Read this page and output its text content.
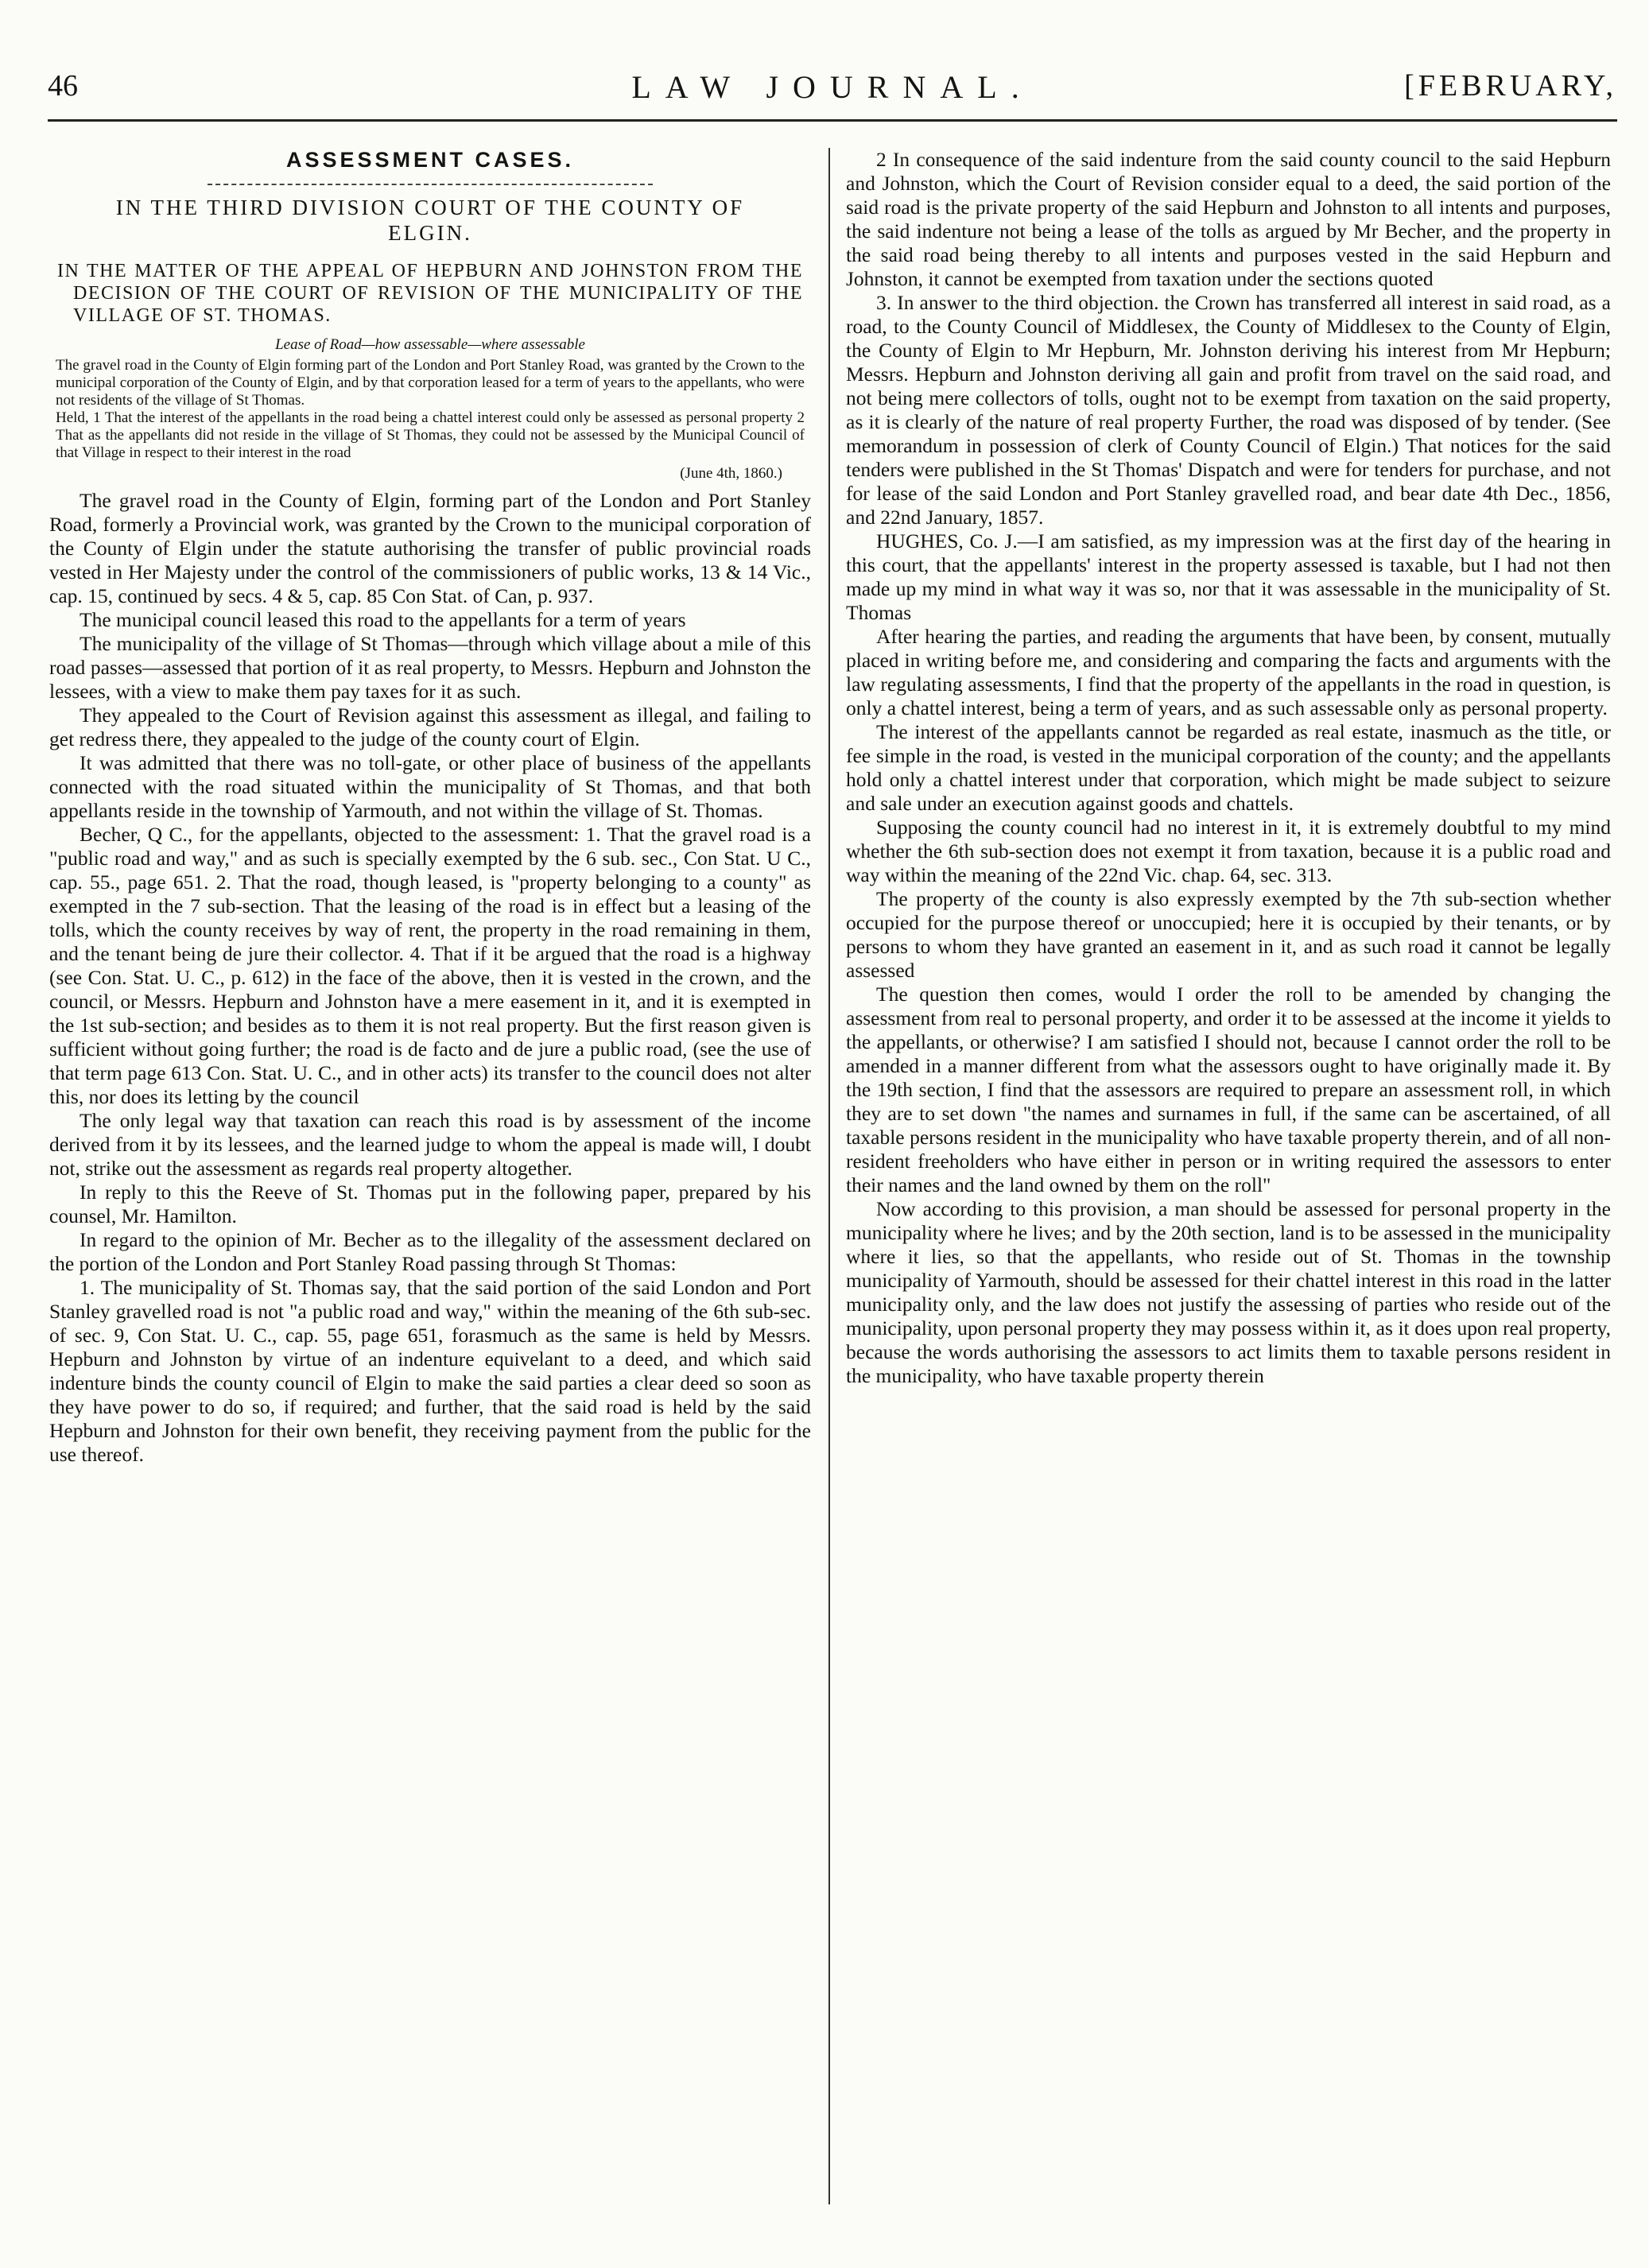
46	LAW JOURNAL.	[FEBRUARY,
ASSESSMENT CASES.
IN THE THIRD DIVISION COURT OF THE COUNTY OF ELGIN.
IN THE MATTER OF THE APPEAL OF HEPBURN AND JOHNSTON FROM THE DECISION OF THE COURT OF REVISION OF THE MUNICIPALITY OF THE VILLAGE OF ST. THOMAS.
Lease of Road—how assessable—where assessable
The gravel road in the County of Elgin forming part of the London and Port Stanley Road, was granted by the Crown to the municipal corporation of the County of Elgin, and by that corporation leased for a term of years to the appellants, who were not residents of the village of St Thomas.
Held, 1 That the interest of the appellants in the road being a chattel interest could only be assessed as personal property 2 That as the appellants did not reside in the village of St Thomas, they could not be assessed by the Municipal Council of that Village in respect to their interest in the road
(June 4th, 1860.)

The gravel road in the County of Elgin, forming part of the London and Port Stanley Road, formerly a Provincial work, was granted by the Crown to the municipal corporation of the County of Elgin under the statute authorising the transfer of public provincial roads vested in Her Majesty under the control of the commissioners of public works, 13 & 14 Vic., cap. 15, continued by secs. 4 & 5, cap. 85 Con Stat. of Can, p. 937.

The municipal council leased this road to the appellants for a term of years

The municipality of the village of St Thomas—through which village about a mile of this road passes—assessed that portion of it as real property, to Messrs. Hepburn and Johnston the lessees, with a view to make them pay taxes for it as such.

They appealed to the Court of Revision against this assessment as illegal, and failing to get redress there, they appealed to the judge of the county court of Elgin.

It was admitted that there was no toll-gate, or other place of business of the appellants connected with the road situated within the municipality of St Thomas, and that both appellants reside in the township of Yarmouth, and not within the village of St. Thomas.

Becher, Q C., for the appellants, objected to the assessment: 1. That the gravel road is a "public road and way," and as such is specially exempted by the 6 sub. sec., Con Stat. U C., cap. 55., page 651. 2. That the road, though leased, is "property belonging to a county" as exempted in the 7 sub-section. That the leasing of the road is in effect but a leasing of the tolls, which the county receives by way of rent, the property in the road remaining in them, and the tenant being de jure their collector. 4. That if it be argued that the road is a highway (see Con. Stat. U. C., p. 612) in the face of the above, then it is vested in the crown, and the council, or Messrs. Hepburn and Johnston have a mere easement in it, and it is exempted in the 1st sub-section; and besides as to them it is not real property. But the first reason given is sufficient without going further; the road is de facto and de jure a public road, (see the use of that term page 613 Con. Stat. U. C., and in other acts) its transfer to the council does not alter this, nor does its letting by the council

The only legal way that taxation can reach this road is by assessment of the income derived from it by its lessees, and the learned judge to whom the appeal is made will, I doubt not, strike out the assessment as regards real property altogether.

In reply to this the Reeve of St. Thomas put in the following paper, prepared by his counsel, Mr. Hamilton.

In regard to the opinion of Mr. Becher as to the illegality of the assessment declared on the portion of the London and Port Stanley Road passing through St Thomas:

1. The municipality of St. Thomas say, that the said portion of the said London and Port Stanley gravelled road is not "a public road and way," within the meaning of the 6th sub-sec. of sec. 9, Con Stat. U. C., cap. 55, page 651, forasmuch as the same is held by Messrs. Hepburn and Johnston by virtue of an indenture equivelant to a deed, and which said indenture binds the county council of Elgin to make the said parties a clear deed so soon as they have power to do so, if required; and further, that the said road is held by the said Hepburn and Johnston for their own benefit, they receiving payment from the public for the use thereof.

2 In consequence of the said indenture from the said county council to the said Hepburn and Johnston, which the Court of Revision consider equal to a deed, the said portion of the said road is the private property of the said Hepburn and Johnston to all intents and purposes, the said indenture not being a lease of the tolls as argued by Mr Becher, and the property in the said road being thereby to all intents and purposes vested in the said Hepburn and Johnston, it cannot be exempted from taxation under the sections quoted

3. In answer to the third objection. the Crown has transferred all interest in said road, as a road, to the County Council of Middlesex, the County of Middlesex to the County of Elgin, the County of Elgin to Mr Hepburn, Mr. Johnston deriving his interest from Mr Hepburn; Messrs. Hepburn and Johnston deriving all gain and profit from travel on the said road, and not being mere collectors of tolls, ought not to be exempt from taxation on the said property, as it is clearly of the nature of real property Further, the road was disposed of by tender. (See memorandum in possession of clerk of County Council of Elgin.) That notices for the said tenders were published in the St Thomas' Dispatch and were for tenders for purchase, and not for lease of the said London and Port Stanley gravelled road, and bear date 4th Dec., 1856, and 22nd January, 1857.

HUGHES, Co. J.—I am satisfied, as my impression was at the first day of the hearing in this court, that the appellants' interest in the property assessed is taxable, but I had not then made up my mind in what way it was so, nor that it was assessable in the municipality of St. Thomas

After hearing the parties, and reading the arguments that have been, by consent, mutually placed in writing before me, and considering and comparing the facts and arguments with the law regulating assessments, I find that the property of the appellants in the road in question, is only a chattel interest, being a term of years, and as such assessable only as personal property.

The interest of the appellants cannot be regarded as real estate, inasmuch as the title, or fee simple in the road, is vested in the municipal corporation of the county; and the appellants hold only a chattel interest under that corporation, which might be made subject to seizure and sale under an execution against goods and chattels.

Supposing the county council had no interest in it, it is extremely doubtful to my mind whether the 6th sub-section does not exempt it from taxation, because it is a public road and way within the meaning of the 22nd Vic. chap. 64, sec. 313.

The property of the county is also expressly exempted by the 7th sub-section whether occupied for the purpose thereof or unoccupied; here it is occupied by their tenants, or by persons to whom they have granted an easement in it, and as such road it cannot be legally assessed

The question then comes, would I order the roll to be amended by changing the assessment from real to personal property, and order it to be assessed at the income it yields to the appellants, or otherwise? I am satisfied I should not, because I cannot order the roll to be amended in a manner different from what the assessors ought to have originally made it. By the 19th section, I find that the assessors are required to prepare an assessment roll, in which they are to set down "the names and surnames in full, if the same can be ascertained, of all taxable persons resident in the municipality who have taxable property therein, and of all non-resident freeholders who have either in person or in writing required the assessors to enter their names and the land owned by them on the roll"

Now according to this provision, a man should be assessed for personal property in the municipality where he lives; and by the 20th section, land is to be assessed in the municipality where it lies, so that the appellants, who reside out of St. Thomas in the township municipality of Yarmouth, should be assessed for their chattel interest in this road in the latter municipality only, and the law does not justify the assessing of parties who reside out of the municipality, upon personal property they may possess within it, as it does upon real property, because the words authorising the assessors to act limits them to taxable persons resident in the municipality, who have taxable property therein
